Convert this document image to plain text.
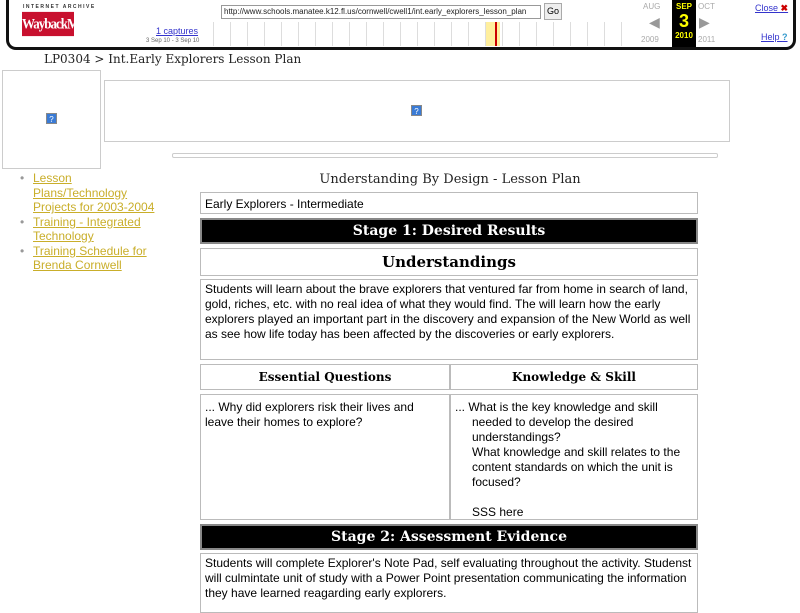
INTERNET ARCHIVE
WaybackMachine
http://www.schools.manatee.k12.fl.us/cornwell/cwell1/int.early_explorers_lesson_plan	Go
1 captures
3 Sep 10 - 3 Sep 10
AUG
◀
2009
SEP
3
2010
OCT
▶
2011
Close ✖
Help ?
LP0304 > Int.Early Explorers Lesson Plan
?
?
• Lesson Plans/Technology Projects for 2003-2004
• Training - Integrated Technology
• Training Schedule for Brenda Cornwell
Understanding By Design - Lesson Plan
Early Explorers - Intermediate
Stage 1: Desired Results
Understandings
Students will learn about the brave explorers that ventured far from home in search of land, gold, riches, etc. with no real idea of what they would find. The will learn how the early explorers played an important part in the discovery and expansion of the New World as well as see how life today has been affected by the discoveries or early explorers.
Essential Questions	Knowledge & Skill
... Why did explorers risk their lives and leave their homes to explore?
... What is the key knowledge and skill
needed to develop the desired understandings?
What knowledge and skill relates to the content standards on which the unit is focused?
SSS here
Stage 2: Assessment Evidence
Students will complete Explorer's Note Pad, self evaluating throughout the activity. Studenst will culmintate unit of study with a Power Point presentation communicating the information they have learned reagarding early explorers.
